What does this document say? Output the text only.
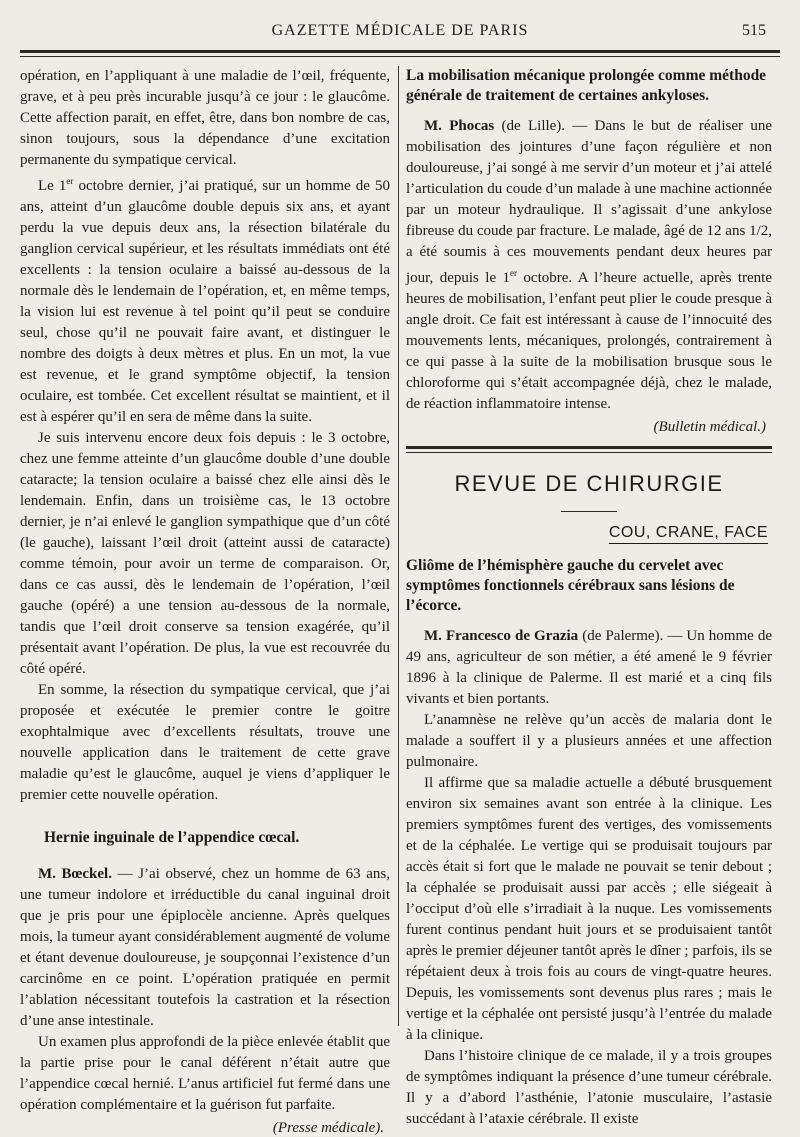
GAZETTE MÉDICALE DE PARIS	515

opération, en l’appliquant à une maladie de l’œil, fréquente, grave, et à peu près incurable jusqu’à ce jour : le glaucôme. Cette affection parait, en effet, être, dans bon nombre de cas, sinon toujours, sous la dépendance d’une excitation permanente du sympatique cervical.

Le 1er octobre dernier, j’ai pratiqué, sur un homme de 50 ans, atteint d’un glaucôme double depuis six ans, et ayant perdu la vue depuis deux ans, la résection bilatérale du ganglion cervical supérieur, et les résultats immédiats ont été excellents : la tension oculaire a baissé au-dessous de la normale dès le lendemain de l’opération, et, en même temps, la vision lui est revenue à tel point qu’il peut se conduire seul, chose qu’il ne pouvait faire avant, et distinguer le nombre des doigts à deux mètres et plus. En un mot, la vue est revenue, et le grand symptôme objectif, la tension oculaire, est tombée. Cet excellent résultat se maintient, et il est à espérer qu’il en sera de même dans la suite.

Je suis intervenu encore deux fois depuis : le 3 octobre, chez une femme atteinte d’un glaucôme double d’une double cataracte; la tension oculaire a baissé chez elle ainsi dès le lendemain. Enfin, dans un troisième cas, le 13 octobre dernier, je n’ai enlevé le ganglion sympathique que d’un côté (le gauche), laissant l’œil droit (atteint aussi de cataracte) comme témoin, pour avoir un terme de comparaison. Or, dans ce cas aussi, dès le lendemain de l’opération, l’œil gauche (opéré) a une tension au-dessous de la normale, tandis que l’œil droit conserve sa tension exagérée, qu’il présentait avant l’opération. De plus, la vue est recouvrée du côté opéré.

En somme, la résection du sympatique cervical, que j’ai proposée et exécutée le premier contre le goitre exophtalmique avec d’excellents résultats, trouve une nouvelle application dans le traitement de cette grave maladie qu’est le glaucôme, auquel je viens d’appliquer le premier cette nouvelle opération.

Hernie inguinale de l’appendice cœcal.

M. Bœckel. — J’ai observé, chez un homme de 63 ans, une tumeur indolore et irréductible du canal inguinal droit que je pris pour une épiplocèle ancienne. Après quelques mois, la tumeur ayant considérablement augmenté de volume et étant devenue douloureuse, je soupçonnai l’existence d’un carcinôme en ce point. L’opération pratiquée en permit l’ablation nécessitant toutefois la castration et la résection d’une anse intestinale.

Un examen plus approfondi de la pièce enlevée établit que la partie prise pour le canal déférent n’était autre que l’appendice cœcal hernié. L’anus artificiel fut fermé dans une opération complémentaire et la guérison fut parfaite.

(Presse médicale).

La mobilisation mécanique prolongée comme méthode générale de traitement de certaines ankyloses.

M. Phocas (de Lille). — Dans le but de réaliser une mobilisation des jointures d’une façon régulière et non douloureuse, j’ai songé à me servir d’un moteur et j’ai attelé l’articulation du coude d’un malade à une machine actionnée par un moteur hydraulique. Il s’agissait d’une ankylose fibreuse du coude par fracture. Le malade, âgé de 12 ans 1/2, a été soumis à ces mouvements pendant deux heures par jour, depuis le 1er octobre. A l’heure actuelle, après trente heures de mobilisation, l’enfant peut plier le coude presque à angle droit. Ce fait est intéressant à cause de l’innocuité des mouvements lents, mécaniques, prolongés, contrairement à ce qui passe à la suite de la mobilisation brusque sous le chloroforme qui s’était accompagnée déjà, chez le malade, de réaction inflammatoire intense.

(Bulletin médical.)

REVUE DE CHIRURGIE
COU, CRANE, FACE

Gliôme de l’hémisphère gauche du cervelet avec symptômes fonctionnels cérébraux sans lésions de l’écorce.

M. Francesco de Grazia (de Palerme). — Un homme de 49 ans, agriculteur de son métier, a été amené le 9 février 1896 à la clinique de Palerme. Il est marié et a cinq fils vivants et bien portants.

L’anamnèse ne relève qu’un accès de malaria dont le malade a souffert il y a plusieurs années et une affection pulmonaire.

Il affirme que sa maladie actuelle a débuté brusquement environ six semaines avant son entrée à la clinique. Les premiers symptômes furent des vertiges, des vomissements et de la céphalée. Le vertige qui se produisait toujours par accès était si fort que le malade ne pouvait se tenir debout ; la céphalée se produisait aussi par accès ; elle siégeait à l’occiput d’où elle s’irradiait à la nuque. Les vomissements furent continus pendant huit jours et se produisaient tantôt après le premier déjeuner tantôt après le dîner ; parfois, ils se répétaient deux à trois fois au cours de vingt-quatre heures. Depuis, les vomissements sont devenus plus rares ; mais le vertige et la céphalée ont persisté jusqu’à l’entrée du malade à la clinique.

Dans l’histoire clinique de ce malade, il y a trois groupes de symptômes indiquant la présence d’une tumeur cérébrale. Il y a d’abord l’asthénie, l’atonie musculaire, l’astasie succédant à l’ataxie cérébrale. Il existe
